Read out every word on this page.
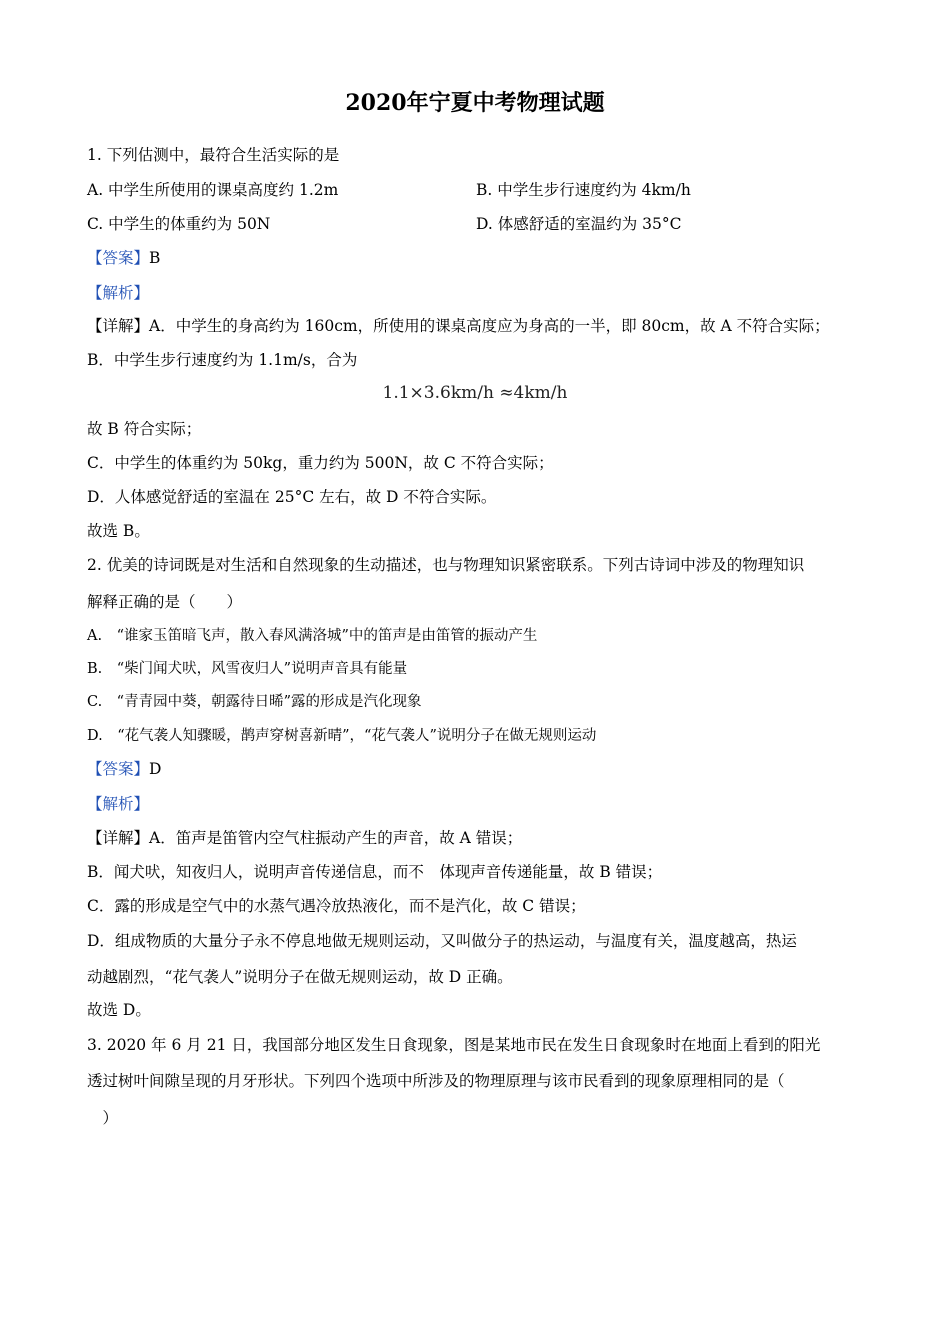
2020年宁夏中考物理试题
1. 下列估测中，最符合生活实际的是
A. 中学生所使用的课桌高度约 1.2m	B. 中学生步行速度约为 4km/h
C. 中学生的体重约为 50N	D. 体感舒适的室温约为 35°C
【答案】B
【解析】
【详解】A．中学生的身高约为 160cm，所使用的课桌高度应为身高的一半，即 80cm，故 A 不符合实际；
B．中学生步行速度约为 1.1m/s，合为
1.1×3.6km/h ≈4km/h
故 B 符合实际；
C．中学生的体重约为 50kg，重力约为 500N，故 C 不符合实际；
D．人体感觉舒适的室温在 25°C 左右，故 D 不符合实际。
故选 B。
2. 优美的诗词既是对生活和自然现象的生动描述，也与物理知识紧密联系。下列古诗词中涉及的物理知识
解释正确的是（　　）
A.　“谁家玉笛暗飞声，散入春风满洛城”中的笛声是由笛管的振动产生
B.　“柴门闻犬吠，风雪夜归人”说明声音具有能量
C.　“青青园中葵，朝露待日晞”露的形成是汽化现象
D.　“花气袭人知骤暖，鹊声穿树喜新晴”，“花气袭人”说明分子在做无规则运动
【答案】D
【解析】
【详解】A．笛声是笛管内空气柱振动产生的声音，故 A 错误；
B．闻犬吠，知夜归人，说明声音传递信息，而不　体现声音传递能量，故 B 错误；
C．露的形成是空气中的水蒸气遇冷放热液化，而不是汽化，故 C 错误；
D．组成物质的大量分子永不停息地做无规则运动，又叫做分子的热运动，与温度有关，温度越高，热运
动越剧烈，“花气袭人”说明分子在做无规则运动，故 D 正确。
故选 D。
3. 2020 年 6 月 21 日，我国部分地区发生日食现象，图是某地市民在发生日食现象时在地面上看到的阳光
透过树叶间隙呈现的月牙形状。下列四个选项中所涉及的物理原理与该市民看到的现象原理相同的是（
　）
